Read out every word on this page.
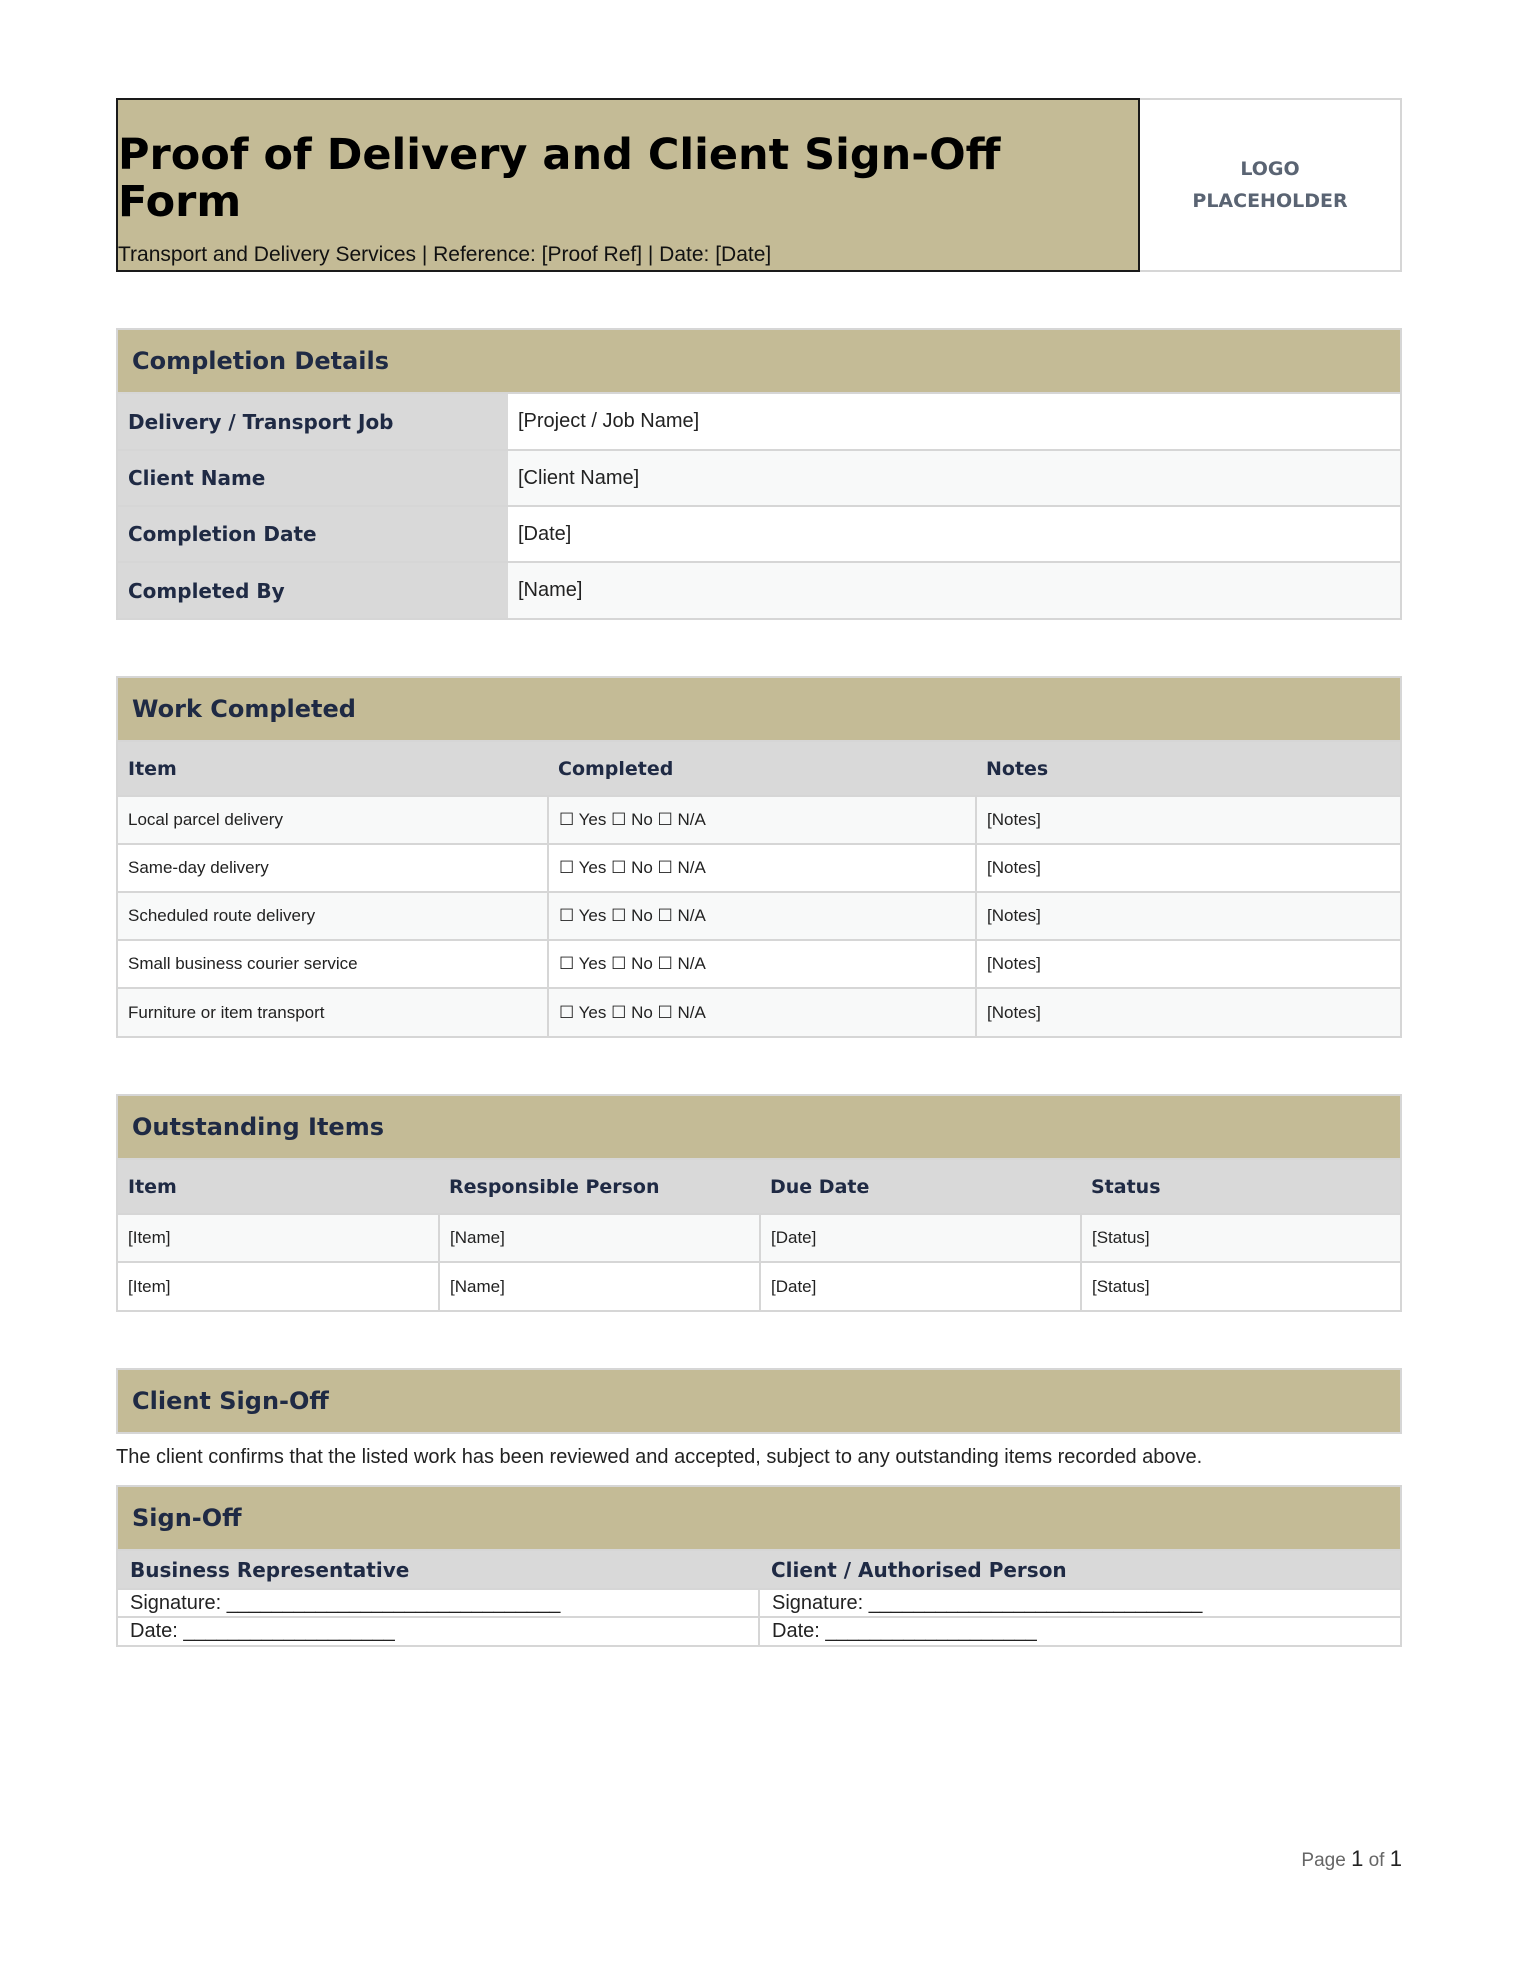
Proof of Delivery and Client Sign-Off Form
Transport and Delivery Services | Reference: [Proof Ref] | Date: [Date]
LOGO
PLACEHOLDER
Completion Details
Delivery / Transport Job	[Project / Job Name]
Client Name	[Client Name]
Completion Date	[Date]
Completed By	[Name]
Work Completed
Item	Completed	Notes
Local parcel delivery	☐ Yes ☐ No ☐ N/A	[Notes]
Same-day delivery	☐ Yes ☐ No ☐ N/A	[Notes]
Scheduled route delivery	☐ Yes ☐ No ☐ N/A	[Notes]
Small business courier service	☐ Yes ☐ No ☐ N/A	[Notes]
Furniture or item transport	☐ Yes ☐ No ☐ N/A	[Notes]
Outstanding Items
Item	Responsible Person	Due Date	Status
[Item]	[Name]	[Date]	[Status]
[Item]	[Name]	[Date]	[Status]
Client Sign-Off
The client confirms that the listed work has been reviewed and accepted, subject to any outstanding items recorded above.
Sign-Off
Business Representative	Client / Authorised Person
Signature: ______________________________	Signature: ______________________________
Date: ___________________	Date: ___________________
Page 1 of 1
